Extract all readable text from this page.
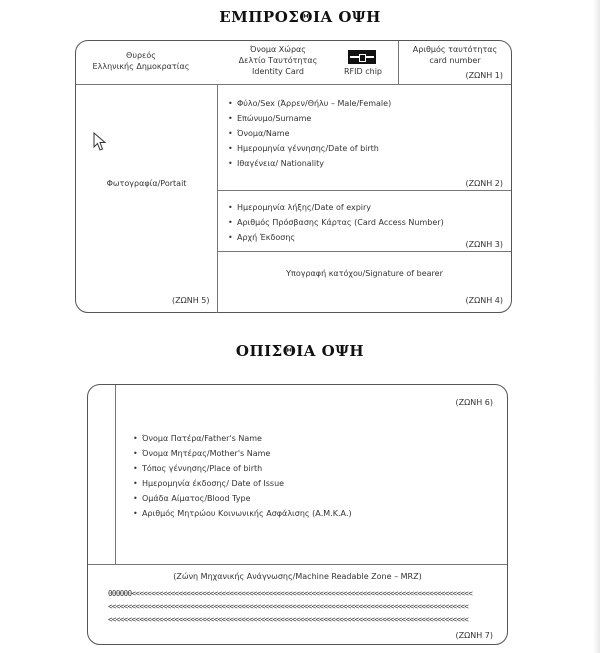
ΕΜΠΡΟΣΘΙΑ ΟΨΗ
Θυρεός
Ελληνικής Δημοκρατίας
Όνομα Χώρας
Δελτίο Ταυτότητας
Identity Card	RFID chip
Αριθμός ταυτότητας
card number
(ΖΩΝΗ 1)
Φωτογραφία/Portait
(ΖΩΝΗ 5)
• Φύλο/Sex (Άρρεν/Θήλυ – Male/Female)
• Επώνυμο/Surname
• Όνομα/Name
• Ημερομηνία γέννησης/Date of birth
• Ιθαγένεια/ Nationality
(ΖΩΝΗ 2)
• Ημερομηνία λήξης/Date of expiry
• Αριθμός Πρόσβασης Κάρτας (Card Access Number)
• Αρχή Έκδοσης
(ΖΩΝΗ 3)
Υπογραφή κατόχου/Signature of bearer
(ΖΩΝΗ 4)
ΟΠΙΣΘΙΑ ΟΨΗ
(ΖΩΝΗ 6)
• Όνομα Πατέρα/Father's Name
• Όνομα Μητέρας/Mother's Name
• Τόπος γέννησης/Place of birth
• Ημερομηνία έκδοσης/ Date of Issue
• Ομάδα Αίματος/Blood Type
• Αριθμός Μητρώου Κοινωνικής Ασφάλισης (Α.Μ.Κ.Α.)
(Ζώνη Μηχανικής Ανάγνωσης/Machine Readable Zone – MRZ)
000000<<<<<<<<<<<<<<<<<<<<<<<<<<<<<<<<<<<<<<<<<<<<<<<<<<<<<<<<<<<<<<<<<<<<<<<<<<<<<<<<<<<<<<<
<<<<<<<<<<<<<<<<<<<<<<<<<<<<<<<<<<<<<<<<<<<<<<<<<<<<<<<<<<<<<<<<<<<<<<<<<<<<<<<<<<<<<<<<<<<<
<<<<<<<<<<<<<<<<<<<<<<<<<<<<<<<<<<<<<<<<<<<<<<<<<<<<<<<<<<<<<<<<<<<<<<<<<<<<<<<<<<<<<<<<<<<<
(ΖΩΝΗ 7)
